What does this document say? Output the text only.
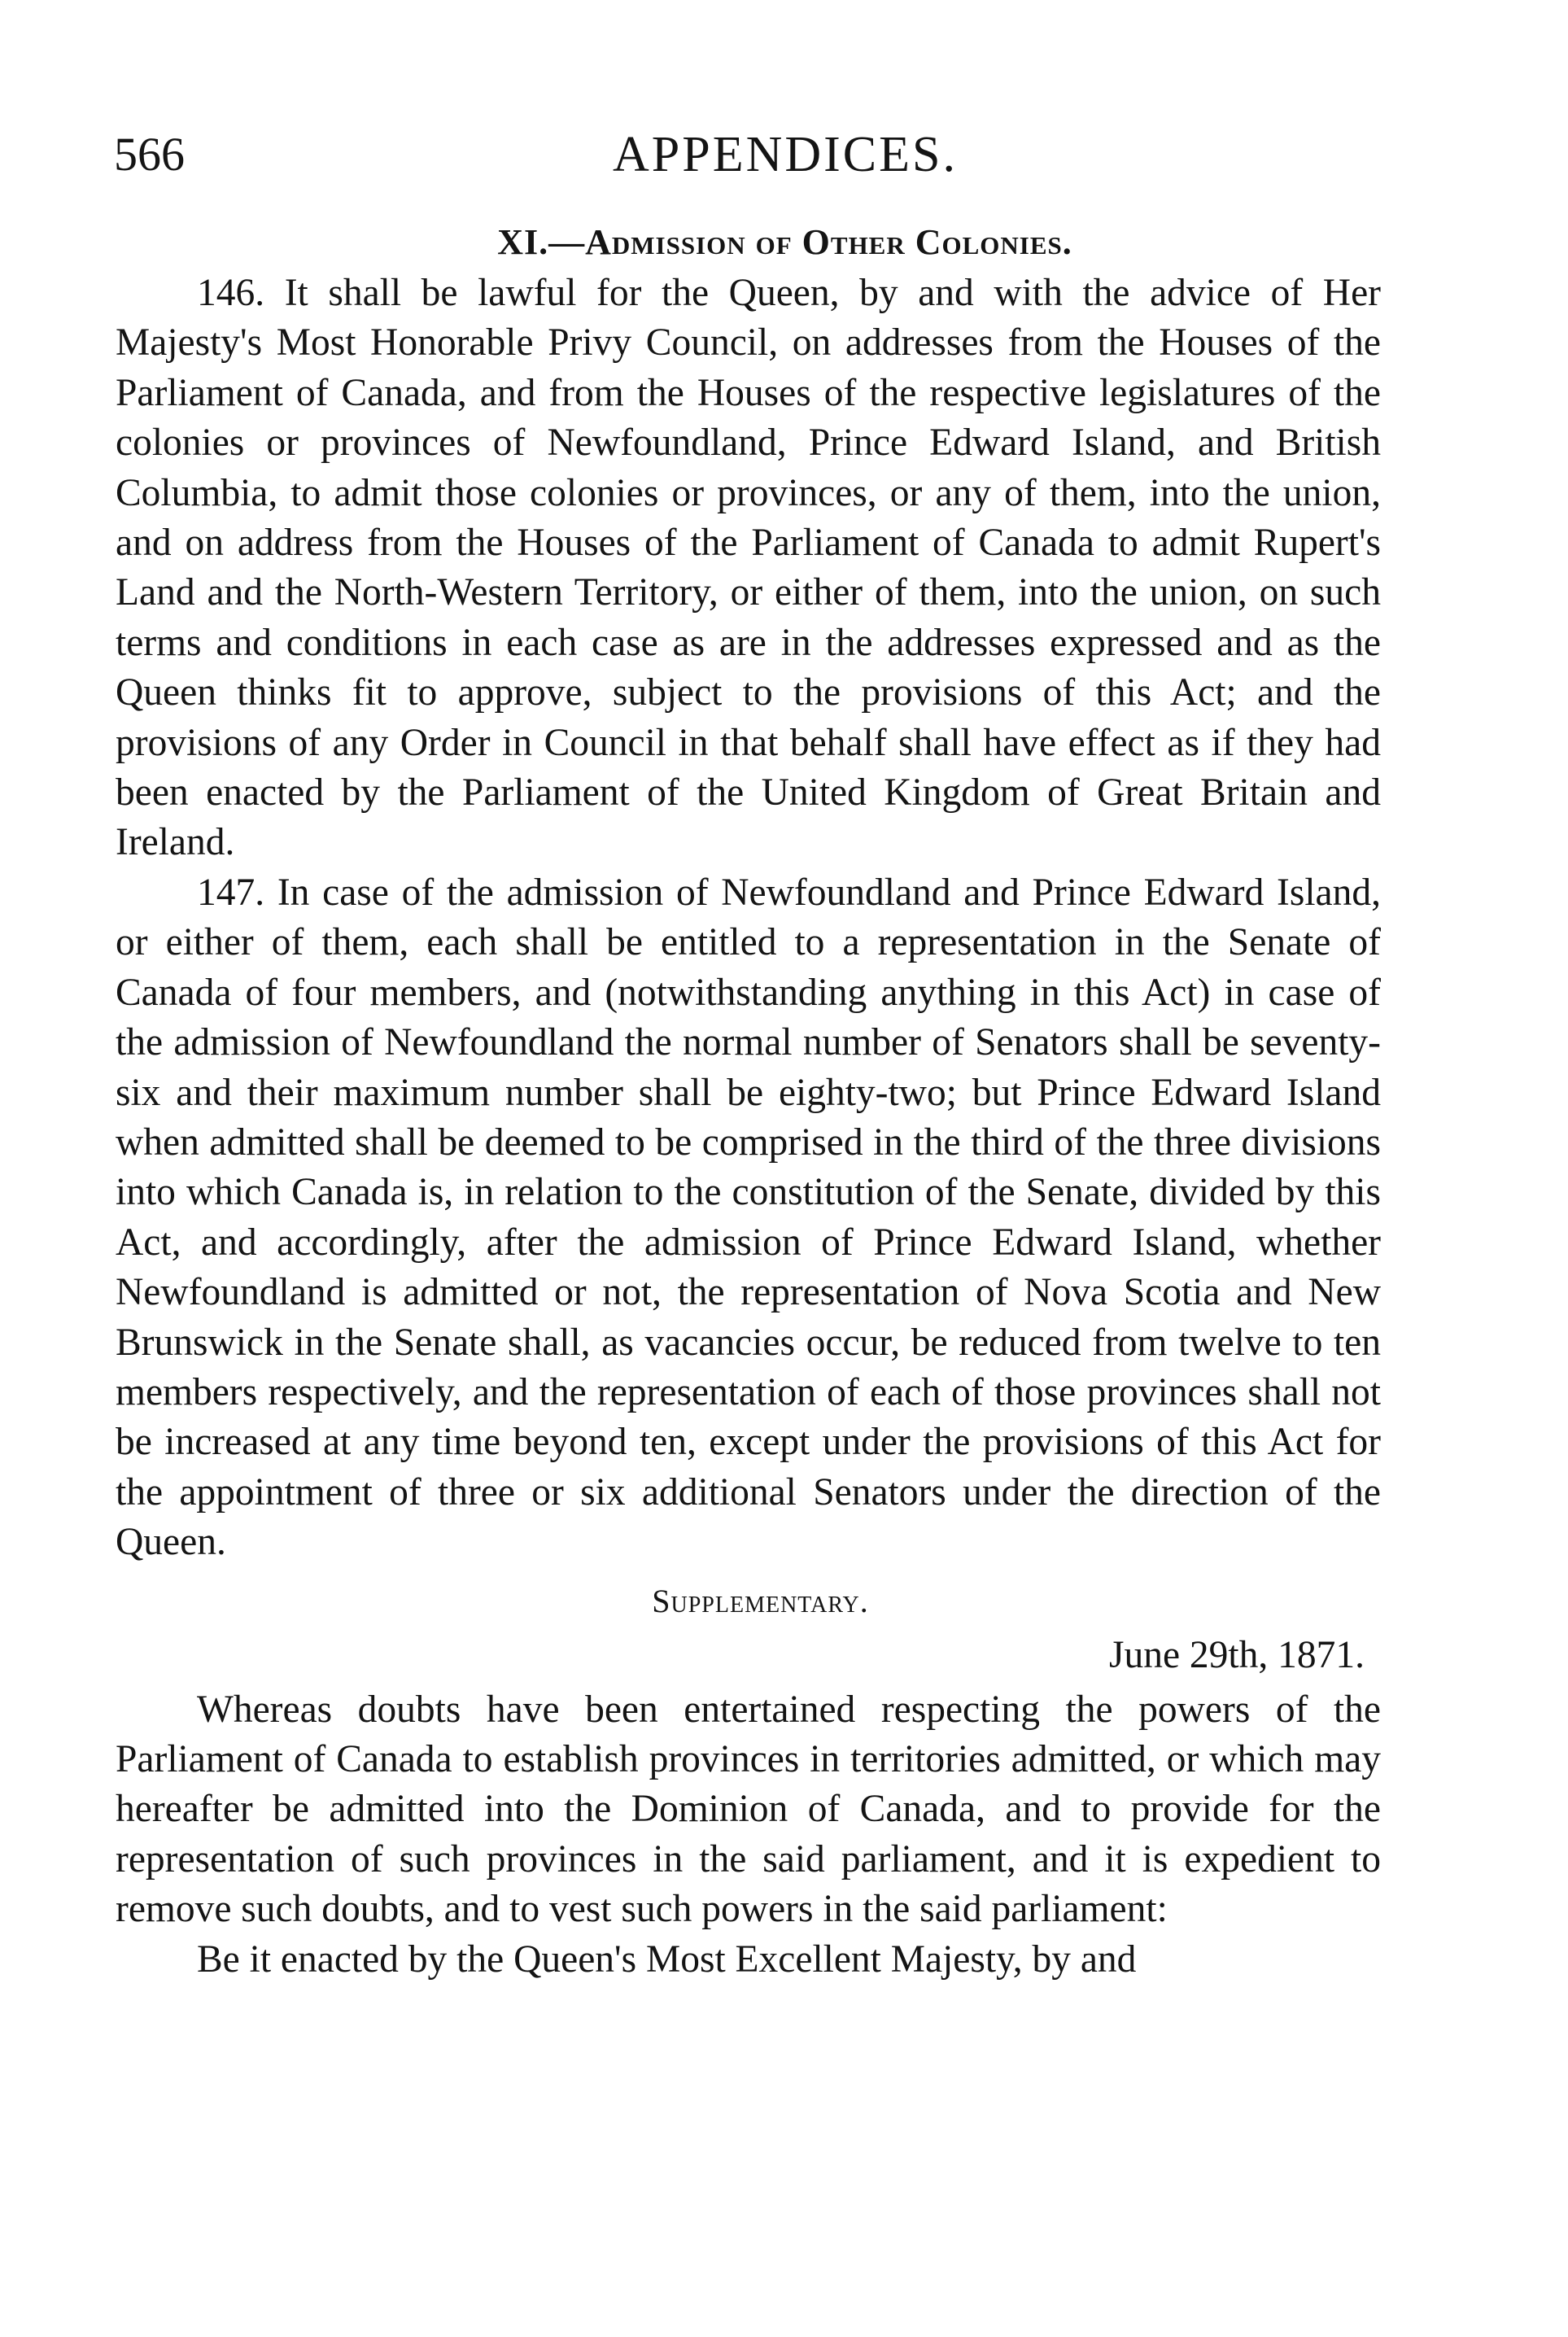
566	APPENDICES.
XI.—Admission of Other Colonies.

146. It shall be lawful for the Queen, by and with the advice of Her Majesty's Most Honorable Privy Council, on addresses from the Houses of the Parliament of Canada, and from the Houses of the respective legislatures of the colonies or provinces of Newfoundland, Prince Edward Island, and British Columbia, to admit those colonies or provinces, or any of them, into the union, and on address from the Houses of the Parliament of Canada to admit Rupert's Land and the North-Western Territory, or either of them, into the union, on such terms and conditions in each case as are in the addresses expressed and as the Queen thinks fit to approve, subject to the provisions of this Act; and the provisions of any Order in Council in that behalf shall have effect as if they had been enacted by the Parliament of the United Kingdom of Great Britain and Ireland.

147. In case of the admission of Newfoundland and Prince Edward Island, or either of them, each shall be entitled to a representation in the Senate of Canada of four members, and (notwithstanding anything in this Act) in case of the admission of Newfoundland the normal number of Senators shall be seventy-six and their maximum number shall be eighty-two; but Prince Edward Island when admitted shall be deemed to be comprised in the third of the three divisions into which Canada is, in relation to the constitution of the Senate, divided by this Act, and accordingly, after the admission of Prince Edward Island, whether Newfoundland is admitted or not, the representation of Nova Scotia and New Brunswick in the Senate shall, as vacancies occur, be reduced from twelve to ten members respectively, and the representation of each of those provinces shall not be increased at any time beyond ten, except under the provisions of this Act for the appointment of three or six additional Senators under the direction of the Queen.

Supplementary.
June 29th, 1871.

Whereas doubts have been entertained respecting the powers of the Parliament of Canada to establish provinces in territories admitted, or which may hereafter be admitted into the Dominion of Canada, and to provide for the representation of such provinces in the said parliament, and it is expedient to remove such doubts, and to vest such powers in the said parliament:

Be it enacted by the Queen's Most Excellent Majesty, by and
